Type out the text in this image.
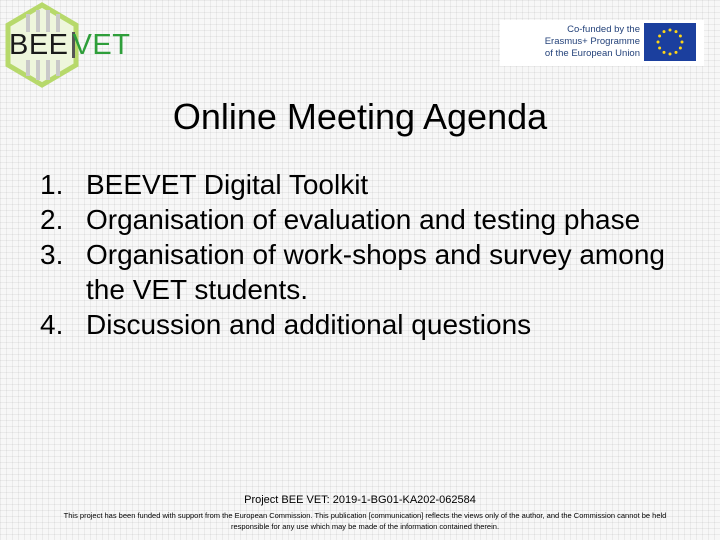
BEE VET	Co-funded by the
Erasmus+ Programme
of the European Union
Online Meeting Agenda
1. BEEVET Digital Toolkit
2. Organisation of evaluation and testing phase
3. Organisation of work-shops and survey among the VET students.
4. Discussion and additional questions
Project BEE VET: 2019-1-BG01-KA202-062584
This project has been funded with support from the European Commission. This publication [communication] reflects the views only of the author, and the Commission cannot be held responsible for any use which may be made of the information contained therein.
